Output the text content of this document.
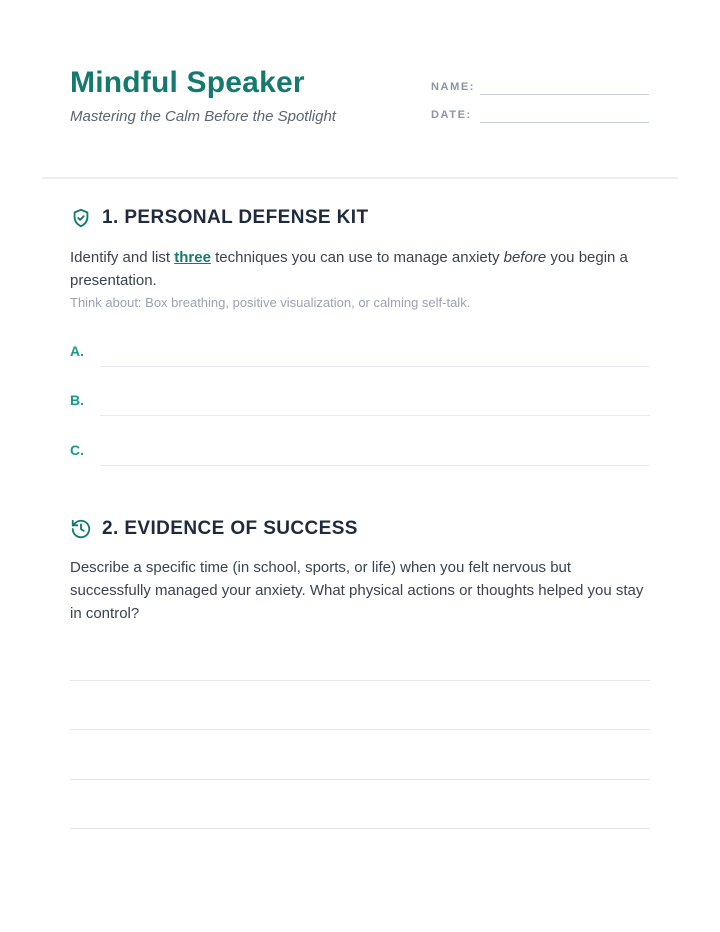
Mindful Speaker
Mastering the Calm Before the Spotlight
NAME:
DATE:
1. PERSONAL DEFENSE KIT
Identify and list three techniques you can use to manage anxiety before you begin a presentation.
Think about: Box breathing, positive visualization, or calming self-talk.
A.
B.
C.
2. EVIDENCE OF SUCCESS
Describe a specific time (in school, sports, or life) when you felt nervous but successfully managed your anxiety. What physical actions or thoughts helped you stay in control?
